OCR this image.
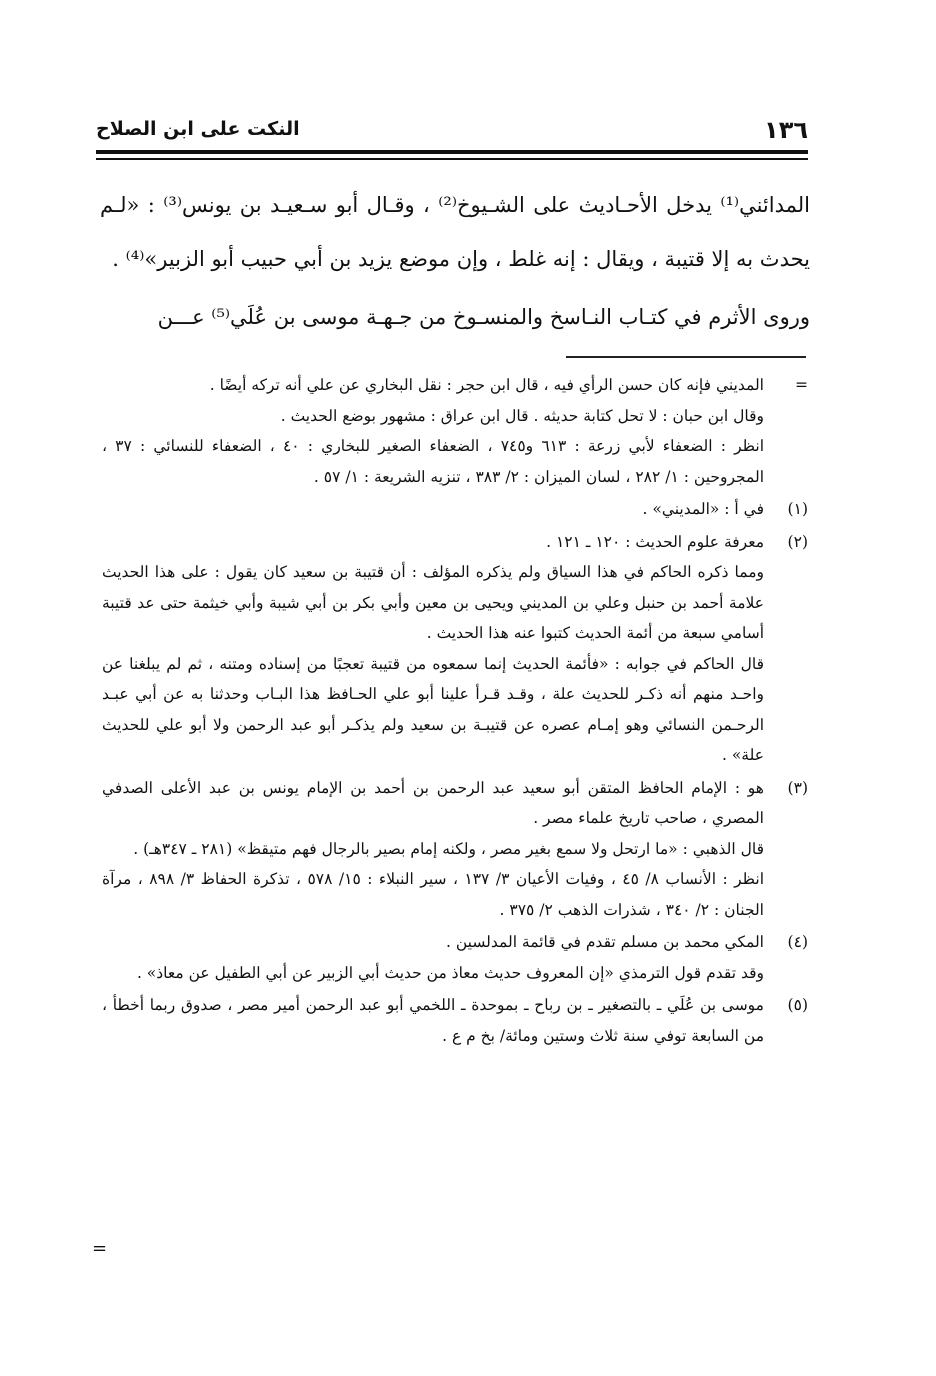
١٣٦
النكت على ابن الصلاح

المدائني⁽¹⁾ يدخل الأحـاديث على الشـيوخ⁽²⁾ ، وقـال أبو سـعيـد بن يونس⁽³⁾ : «لـم يحدث به إلا قتيبة ، ويقال : إنه غلط ، وإن موضع يزيد بن أبي حبيب أبو الزبير»⁽⁴⁾ .

وروى الأثرم في كتـاب النـاسخ والمنسـوخ من جـهـة موسى بن عُلَي⁽⁵⁾ عـــن

=

المديني فإنه كان حسن الرأي فيه ، قال ابن حجر : نقل البخاري عن علي أنه تركه أيضًا .

وقال ابن حبان : لا تحل كتابة حديثه . قال ابن عراق : مشهور بوضع الحديث .

انظر : الضعفاء لأبي زرعة : ٦١٣ و٧٤٥ ، الضعفاء الصغير للبخاري : ٤٠ ، الضعفاء للنسائي : ٣٧ ، المجروحين : ١/ ٢٨٢ ، لسان الميزان : ٢/ ٣٨٣ ، تنزيه الشريعة : ١/ ٥٧ .

(١)

في أ : «المديني» .

(٢)

معرفة علوم الحديث : ١٢٠ ـ ١٢١ .

ومما ذكره الحاكم في هذا السياق ولم يذكره المؤلف : أن قتيبة بن سعيد كان يقول : على هذا الحديث علامة أحمد بن حنبل وعلي بن المديني ويحيى بن معين وأبي بكر بن أبي شيبة وأبي خيثمة حتى عد قتيبة أسامي سبعة من أئمة الحديث كتبوا عنه هذا الحديث .

قال الحاكم في جوابه : «فأئمة الحديث إنما سمعوه من قتيبة تعجبًا من إسناده ومتنه ، ثم لم يبلغنا عن واحـد منهم أنه ذكـر للحديث علة ، وقـد قـرأ علينا أبو علي الحـافظ هذا البـاب وحدثنا به عن أبي عبـد الرحـمن النسائي وهو إمـام عصره عن قتيبـة بن سعيد ولم يذكـر أبو عبد الرحمن ولا أبو علي للحديث علة» .

(٣)

هو : الإمام الحافظ المتقن أبو سعيد عبد الرحمن بن أحمد بن الإمام يونس بن عبد الأعلى الصدفي المصري ، صاحب تاريخ علماء مصر .

قال الذهبي : «ما ارتحل ولا سمع بغير مصر ، ولكنه إمام بصير بالرجال فهم متيقظ» (٢٨١ ـ ٣٤٧هـ) .

انظر : الأنساب ٨/ ٤٥ ، وفيات الأعيان ٣/ ١٣٧ ، سير النبلاء : ١٥/ ٥٧٨ ، تذكرة الحفاظ ٣/ ٨٩٨ ، مرآة الجنان : ٢/ ٣٤٠ ، شذرات الذهب ٢/ ٣٧٥ .

(٤)

المكي محمد بن مسلم تقدم في قائمة المدلسين .

وقد تقدم قول الترمذي «إن المعروف حديث معاذ من حديث أبي الزبير عن أبي الطفيل عن معاذ» .

(٥)

موسى بن عُلَي ـ بالتصغير ـ بن رباح ـ بموحدة ـ اللخمي أبو عبد الرحمن أمير مصر ، صدوق ربما أخطأ ، من السابعة توفي سنة ثلاث وستين ومائة/ بخ م ع .

=
